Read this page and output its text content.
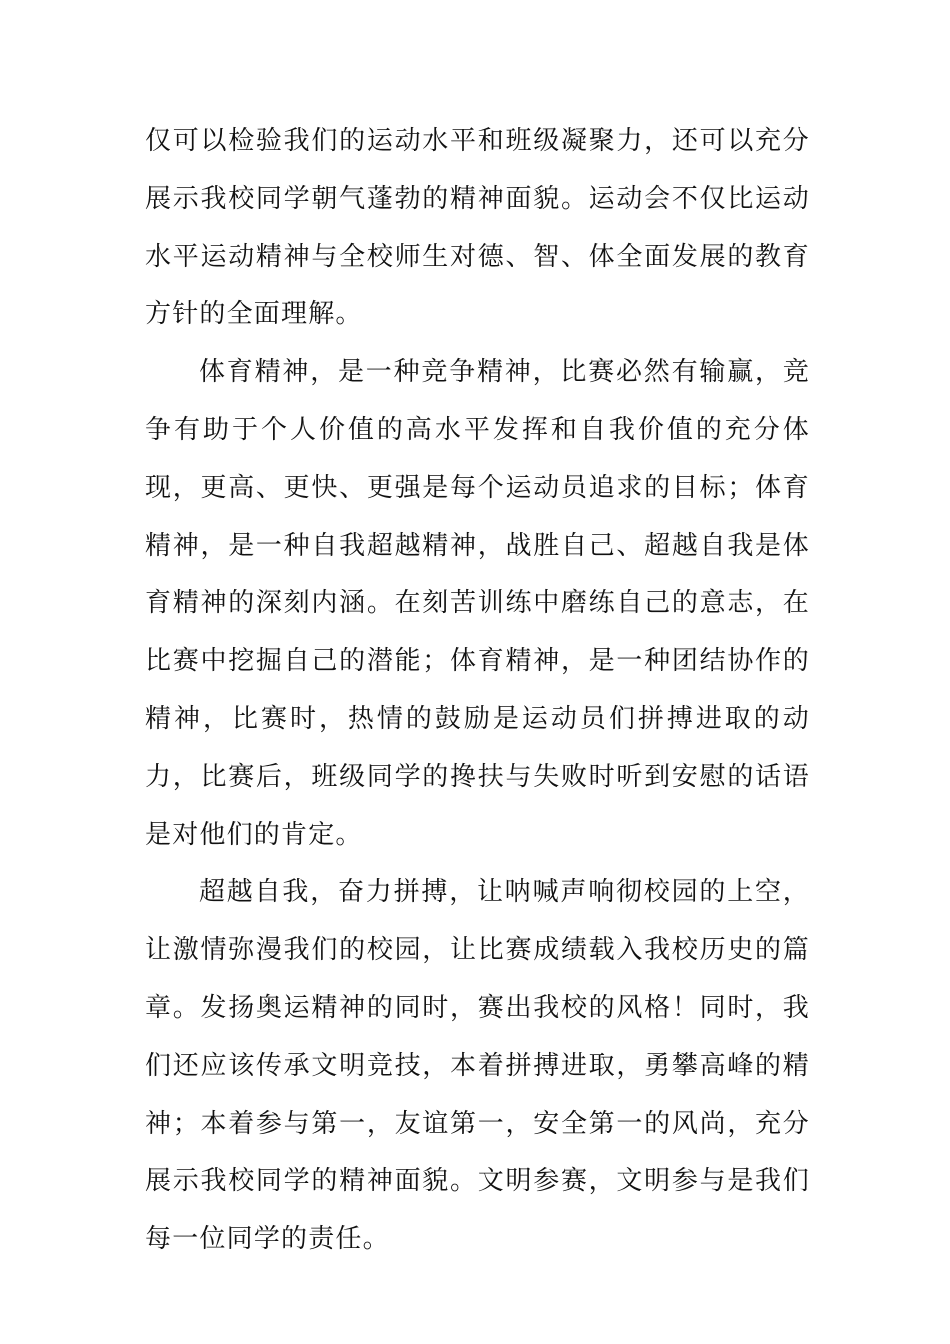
仅可以检验我们的运动水平和班级凝聚力，还可以充分展示我校同学朝气蓬勃的精神面貌。运动会不仅比运动水平运动精神与全校师生对德、智、体全面发展的教育方针的全面理解。

体育精神，是一种竞争精神，比赛必然有输赢，竞争有助于个人价值的高水平发挥和自我价值的充分体现，更高、更快、更强是每个运动员追求的目标；体育精神，是一种自我超越精神，战胜自己、超越自我是体育精神的深刻内涵。在刻苦训练中磨练自己的意志，在比赛中挖掘自己的潜能；体育精神，是一种团结协作的精神，比赛时，热情的鼓励是运动员们拼搏进取的动力，比赛后，班级同学的搀扶与失败时听到安慰的话语是对他们的肯定。

超越自我，奋力拼搏，让呐喊声响彻校园的上空，让激情弥漫我们的校园，让比赛成绩载入我校历史的篇章。发扬奥运精神的同时，赛出我校的风格！同时，我们还应该传承文明竞技，本着拼搏进取，勇攀高峰的精神；本着参与第一，友谊第一，安全第一的风尚，充分展示我校同学的精神面貌。文明参赛，文明参与是我们每一位同学的责任。
